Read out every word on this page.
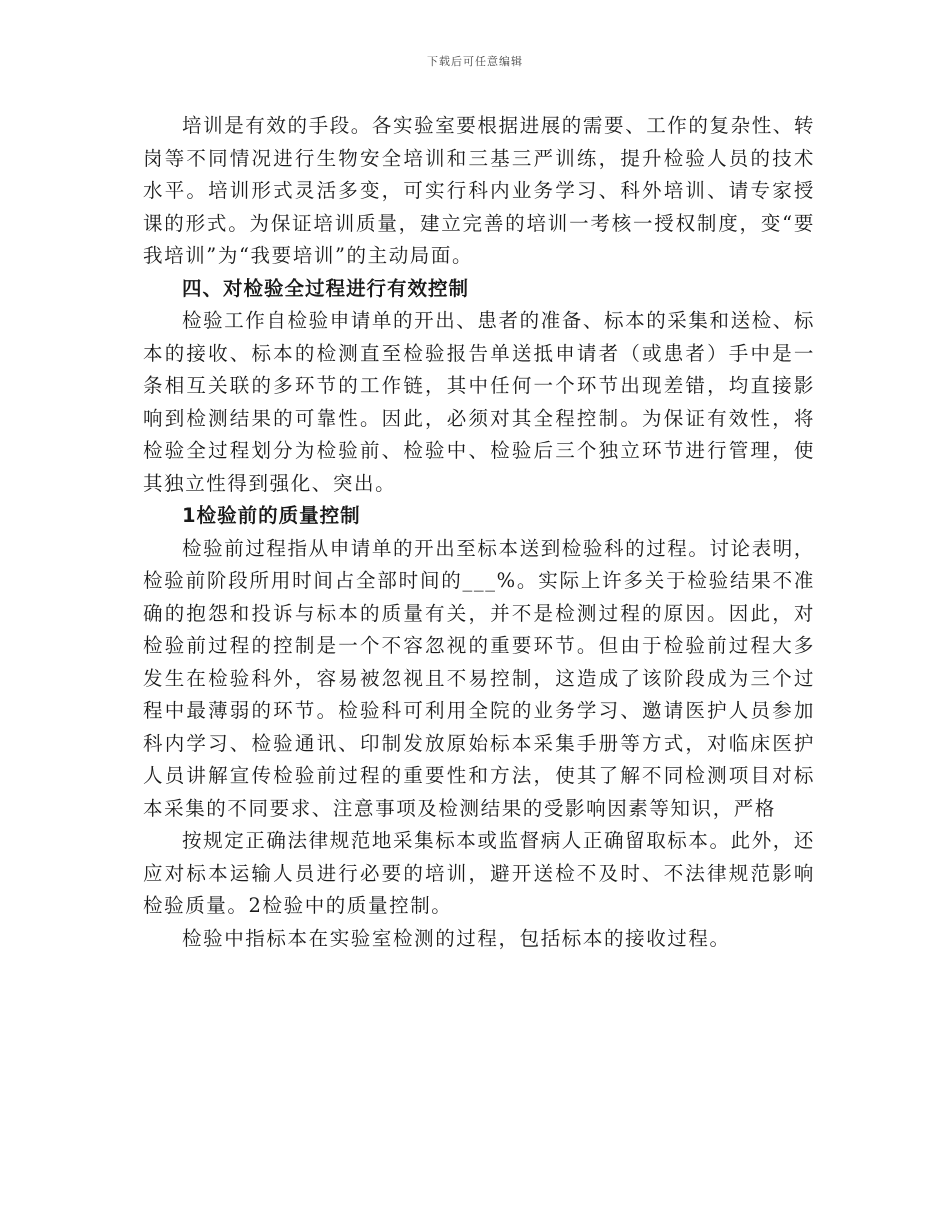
下载后可任意编辑

培训是有效的手段。各实验室要根据进展的需要、工作的复杂性、转岗等不同情况进行生物安全培训和三基三严训练，提升检验人员的技术水平。培训形式灵活多变，可实行科内业务学习、科外培训、请专家授课的形式。为保证培训质量，建立完善的培训一考核一授权制度，变“要我培训”为“我要培训”的主动局面。

四、对检验全过程进行有效控制

检验工作自检验申请单的开出、患者的准备、标本的采集和送检、标本的接收、标本的检测直至检验报告单送抵申请者（或患者）手中是一条相互关联的多环节的工作链，其中任何一个环节出现差错，均直接影响到检测结果的可靠性。因此，必须对其全程控制。为保证有效性，将检验全过程划分为检验前、检验中、检验后三个独立环节进行管理，使其独立性得到强化、突出。

1检验前的质量控制

检验前过程指从申请单的开出至标本送到检验科的过程。讨论表明，检验前阶段所用时间占全部时间的___%。实际上许多关于检验结果不准确的抱怨和投诉与标本的质量有关，并不是检测过程的原因。因此，对检验前过程的控制是一个不容忽视的重要环节。但由于检验前过程大多发生在检验科外，容易被忽视且不易控制，这造成了该阶段成为三个过程中最薄弱的环节。检验科可利用全院的业务学习、邀请医护人员参加科内学习、检验通讯、印制发放原始标本采集手册等方式，对临床医护人员讲解宣传检验前过程的重要性和方法，使其了解不同检测项目对标本采集的不同要求、注意事项及检测结果的受影响因素等知识，严格

按规定正确法律规范地采集标本或监督病人正确留取标本。此外，还应对标本运输人员进行必要的培训，避开送检不及时、不法律规范影响检验质量。2检验中的质量控制。

检验中指标本在实验室检测的过程，包括标本的接收过程。
